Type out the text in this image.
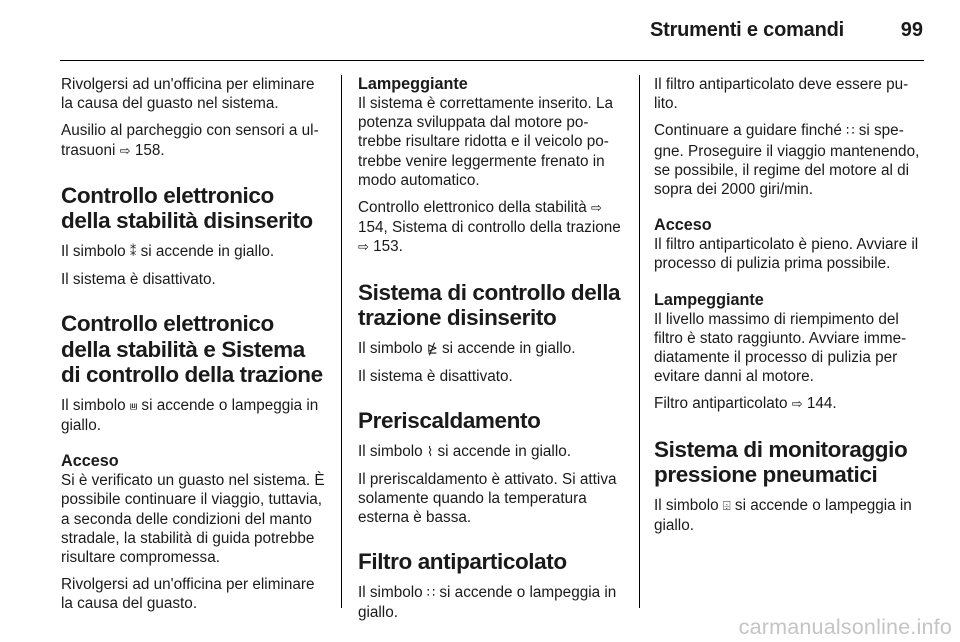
Strumenti e comandi	99

Rivolgersi ad un'officina per eliminare la causa del guasto nel sistema.

Ausilio al parcheggio con sensori a ultrasuoni ⇨ 158.

Controllo elettronico della stabilità disinserito

Il simbolo ⁑ si accende in giallo.

Il sistema è disattivato.

Controllo elettronico della stabilità e Sistema di controllo della trazione

Il simbolo ⩏ si accende o lampeggia in giallo.

Acceso

Si è verificato un guasto nel sistema. È possibile continuare il viaggio, tuttavia, a seconda delle condizioni del manto stradale, la stabilità di guida potrebbe risultare compromessa.

Rivolgersi ad un'officina per eliminare la causa del guasto.

Lampeggiante

Il sistema è correttamente inserito. La potenza sviluppata dal motore potrebbe risultare ridotta e il veicolo potrebbe venire leggermente frenato in modo automatico.

Controllo elettronico della stabilità ⇨ 154, Sistema di controllo della trazione ⇨ 153.

Sistema di controllo della trazione disinserito

Il simbolo ⋭ si accende in giallo.

Il sistema è disattivato.

Preriscaldamento

Il simbolo ⌇ si accende in giallo.

Il preriscaldamento è attivato. Si attiva solamente quando la temperatura esterna è bassa.

Filtro antiparticolato

Il simbolo ∷ si accende o lampeggia in giallo.

Il filtro antiparticolato deve essere pulito.

Continuare a guidare finché ∷ si spegne. Proseguire il viaggio mantenendo, se possibile, il regime del motore al di sopra dei 2000 giri/min.

Acceso

Il filtro antiparticolato è pieno. Avviare il processo di pulizia prima possibile.

Lampeggiante

Il livello massimo di riempimento del filtro è stato raggiunto. Avviare immediatamente il processo di pulizia per evitare danni al motore.

Filtro antiparticolato ⇨ 144.

Sistema di monitoraggio pressione pneumatici

Il simbolo ⌹ si accende o lampeggia in giallo.

carmanualsonline.info
